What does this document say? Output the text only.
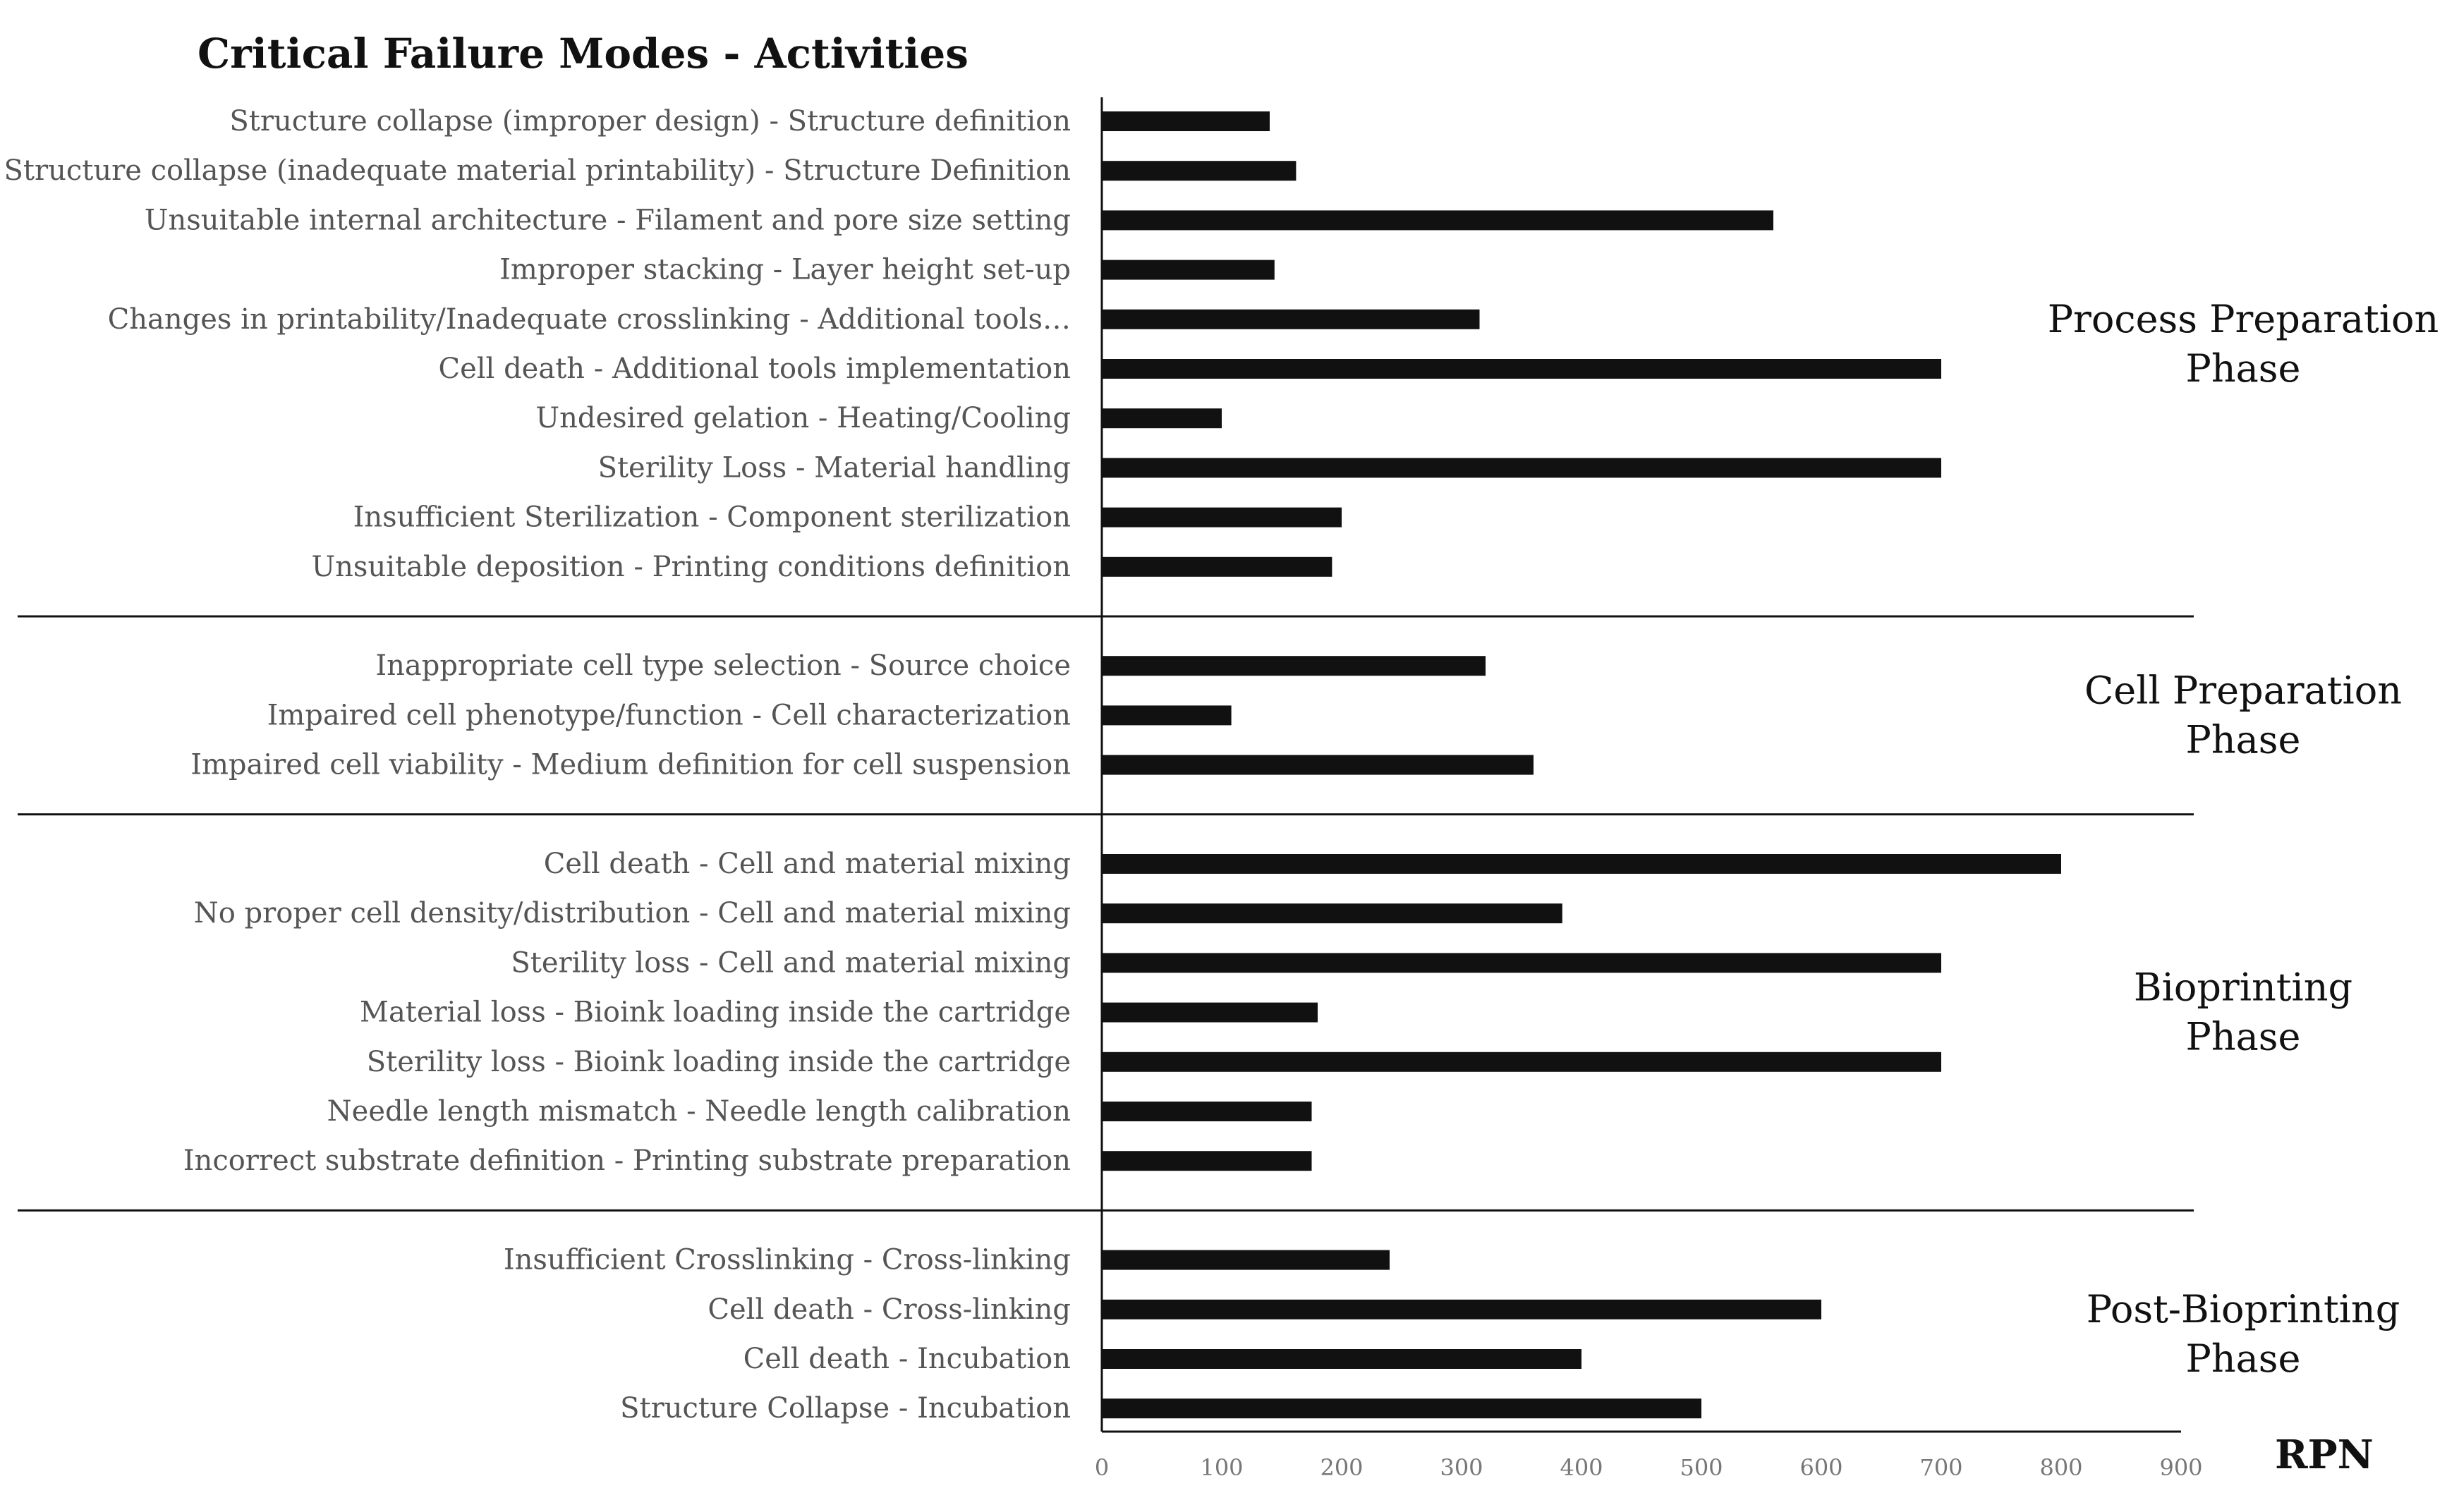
Critical Failure Modes - Activities
Structure collapse (improper design) - Structure definition
Structure collapse (inadequate material printability) - Structure Definition
Unsuitable internal architecture - Filament and pore size setting
Improper stacking - Layer height set-up
Changes in printability/Inadequate crosslinking - Additional tools…
Cell death - Additional tools implementation
Undesired gelation - Heating/Cooling
Sterility Loss - Material handling
Insufficient Sterilization - Component sterilization
Unsuitable deposition - Printing conditions definition
Inappropriate cell type selection - Source choice
Impaired cell phenotype/function - Cell characterization
Impaired cell viability - Medium definition for cell suspension
Cell death - Cell and material mixing
No proper cell density/distribution - Cell and material mixing
Sterility loss - Cell and material mixing
Material loss - Bioink loading inside the cartridge
Sterility loss - Bioink loading inside the cartridge
Needle length mismatch - Needle length calibration
Incorrect substrate definition - Printing substrate preparation
Insufficient Crosslinking - Cross-linking
Cell death - Cross-linking
Cell death - Incubation
Structure Collapse - Incubation
Process Preparation
Phase
Cell Preparation
Phase
Bioprinting
Phase
Post-Bioprinting
Phase
0	100	200	300	400	500	600	700	800	900 RPN
